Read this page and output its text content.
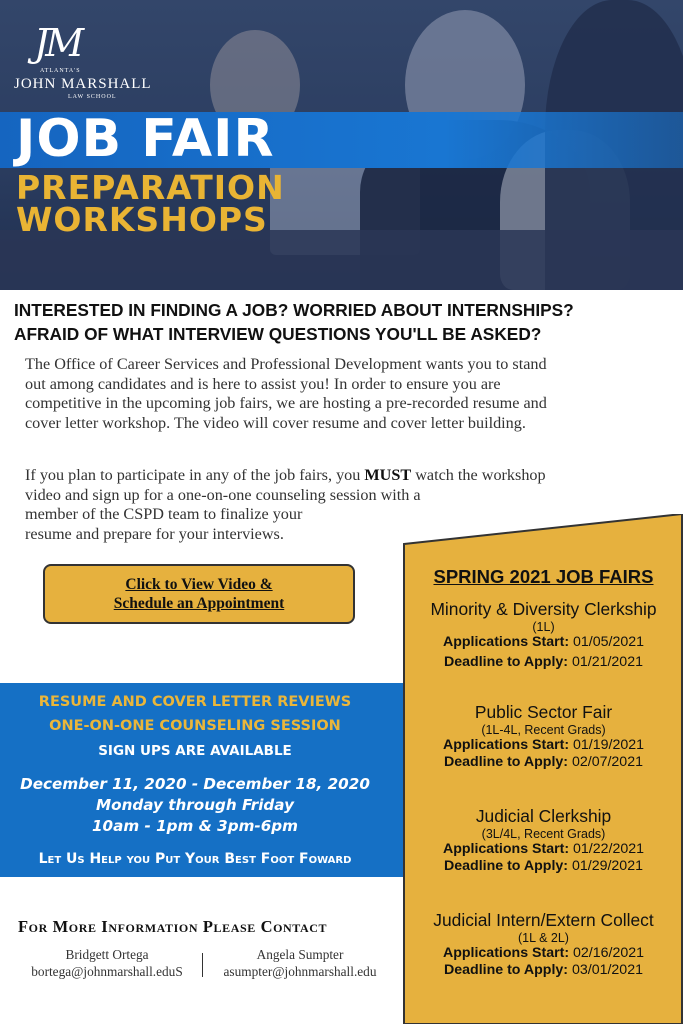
JM
ATLANTA'S
JOHN MARSHALL
LAW SCHOOL
JOB FAIR
PREPARATION
WORKSHOPS
INTERESTED IN FINDING A JOB? WORRIED ABOUT INTERNSHIPS?
AFRAID OF WHAT INTERVIEW QUESTIONS YOU'LL BE ASKED?
The Office of Career Services and Professional Development wants you to stand
out among candidates and is here to assist you! In order to ensure you are
competitive in the upcoming job fairs, we are hosting a pre-recorded resume and
cover letter workshop. The video will cover resume and cover letter building.
If you plan to participate in any of the job fairs, you MUST watch the workshop
video and sign up for a one-on-one counseling session with a
member of the CSPD team to finalize your
resume and prepare for your interviews.
Click to View Video &
Schedule an Appointment
RESUME AND COVER LETTER REVIEWS
ONE-ON-ONE COUNSELING SESSION
SIGN UPS ARE AVAILABLE
December 11, 2020 - December 18, 2020
Monday through Friday
10am - 1pm & 3pm-6pm
Let Us Help you Put Your Best Foot Foward
For More Information Please Contact
Bridgett Ortega
bortega@johnmarshall.eduS
Angela Sumpter
asumpter@johnmarshall.edu
SPRING 2021 JOB FAIRS
Minority & Diversity Clerkship
(1L)
Applications Start: 01/05/2021
Deadline to Apply: 01/21/2021
Public Sector Fair
(1L-4L, Recent Grads)
Applications Start: 01/19/2021
Deadline to Apply: 02/07/2021
Judicial Clerkship
(3L/4L, Recent Grads)
Applications Start: 01/22/2021
Deadline to Apply: 01/29/2021
Judicial Intern/Extern Collect
(1L & 2L)
Applications Start: 02/16/2021
Deadline to Apply: 03/01/2021
